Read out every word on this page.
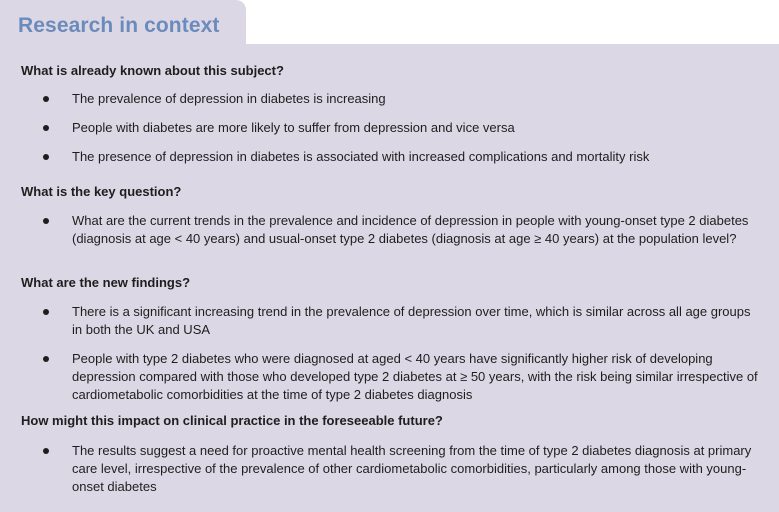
Research in context
What is already known about this subject?
The prevalence of depression in diabetes is increasing
People with diabetes are more likely to suffer from depression and vice versa
The presence of depression in diabetes is associated with increased complications and mortality risk
What is the key question?
What are the current trends in the prevalence and incidence of depression in people with young-onset type 2 diabetes (diagnosis at age < 40 years) and usual-onset type 2 diabetes (diagnosis at age ≥ 40 years) at the population level?
What are the new findings?
There is a significant increasing trend in the prevalence of depression over time, which is similar across all age groups in both the UK and USA
People with type 2 diabetes who were diagnosed at aged < 40 years have significantly higher risk of developing depression compared with those who developed type 2 diabetes at ≥ 50 years, with the risk being similar irrespective of cardiometabolic comorbidities at the time of type 2 diabetes diagnosis
How might this impact on clinical practice in the foreseeable future?
The results suggest a need for proactive mental health screening from the time of type 2 diabetes diagnosis at primary care level, irrespective of the prevalence of other cardiometabolic comorbidities, particularly among those with young-onset diabetes
